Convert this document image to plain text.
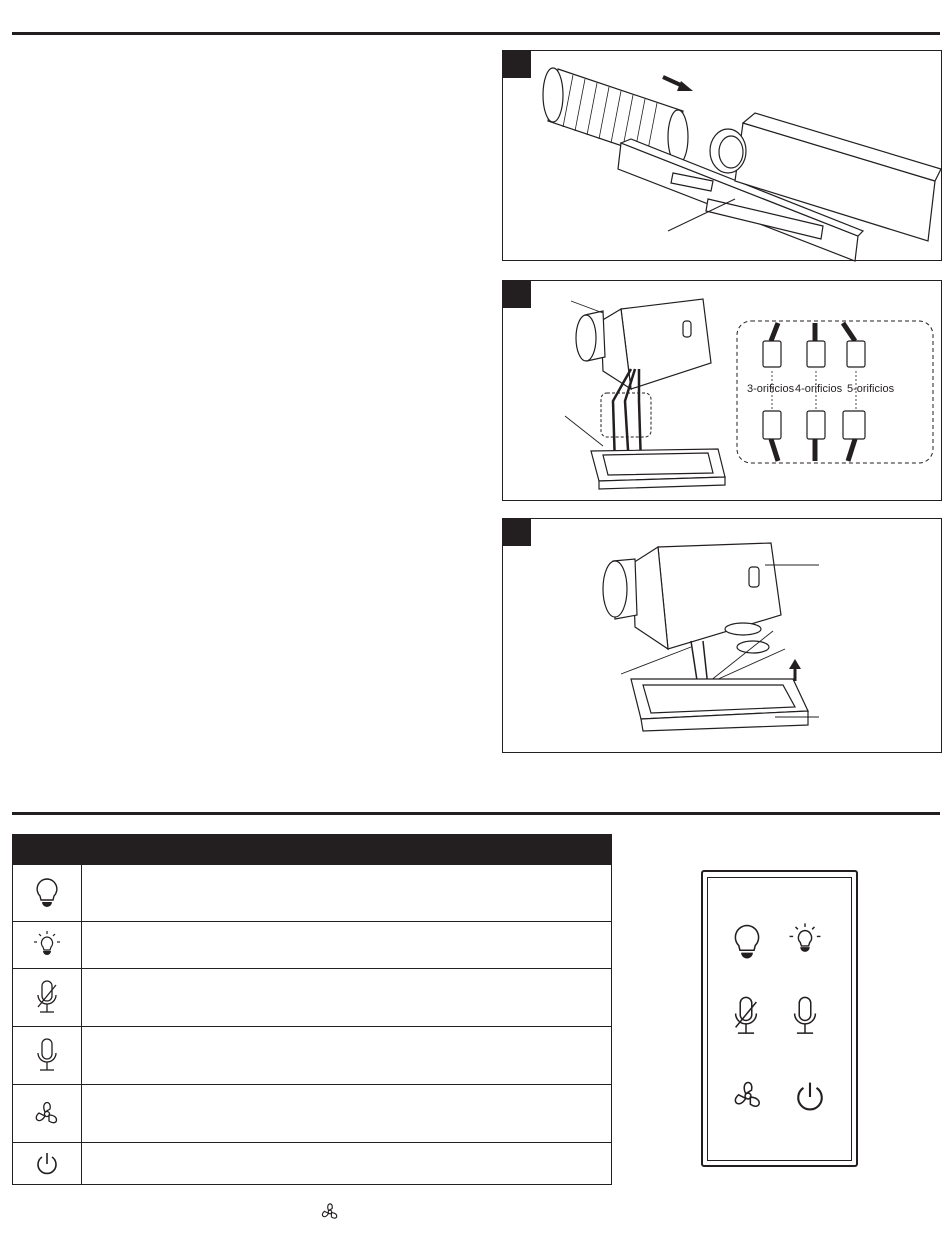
3-orificios 4-orificios 5-orificios
